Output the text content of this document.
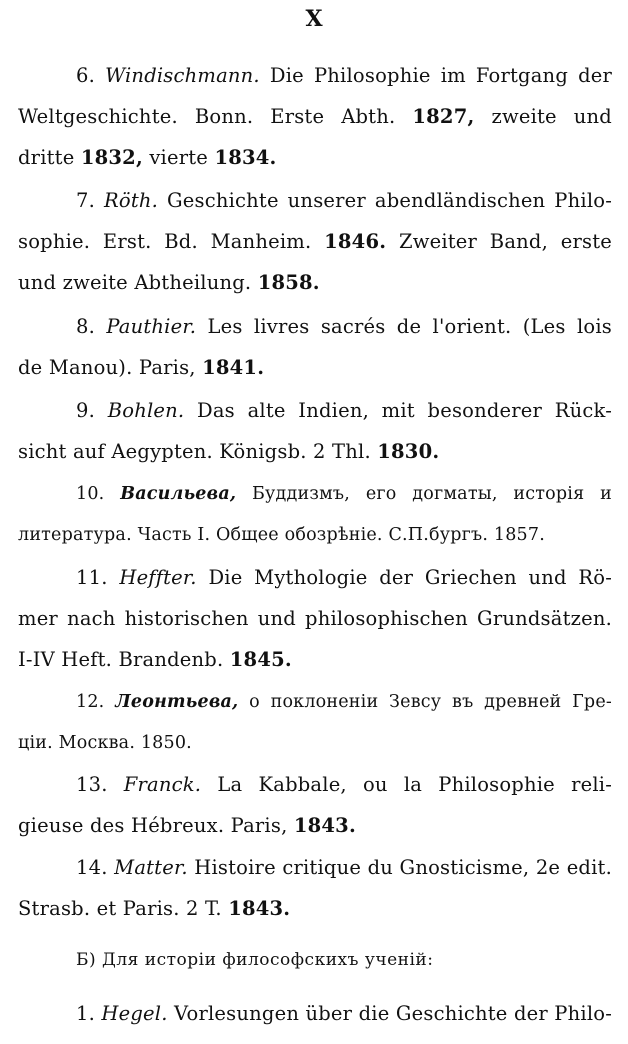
X
6. Windischmann. Die Philosophie im Fortgang der
Weltgeschichte. Bonn. Erste Abth. 1827, zweite und
dritte 1832, vierte 1834.
7. Röth. Geschichte unserer abendländischen Philo-
sophie. Erst. Bd. Manheim. 1846. Zweiter Band, erste
und zweite Abtheilung. 1858.
8. Pauthier. Les livres sacrés de l'orient. (Les lois
de Manou). Paris, 1841.
9. Bohlen. Das alte Indien, mit besonderer Rück-
sicht auf Aegypten. Königsb. 2 Thl. 1830.
10. Васильева, Буддизмъ, его догматы, исторія и
литература. Часть I. Общее обозрѣніе. С.П.бургъ. 1857.
11. Heffter. Die Mythologie der Griechen und Rö-
mer nach historischen und philosophischen Grundsätzen.
I-IV Heft. Brandenb. 1845.
12. Леонтьева, о поклоненіи Зевсу въ древней Гре-
ціи. Москва. 1850.
13. Franck. La Kabbale, ou la Philosophie reli-
gieuse des Hébreux. Paris, 1843.
14. Matter. Histoire critique du Gnosticisme, 2e edit.
Strasb. et Paris. 2 T. 1843.
Б) Для исторіи философскихъ ученій:
1. Hegel. Vorlesungen über die Geschichte der Philo-
